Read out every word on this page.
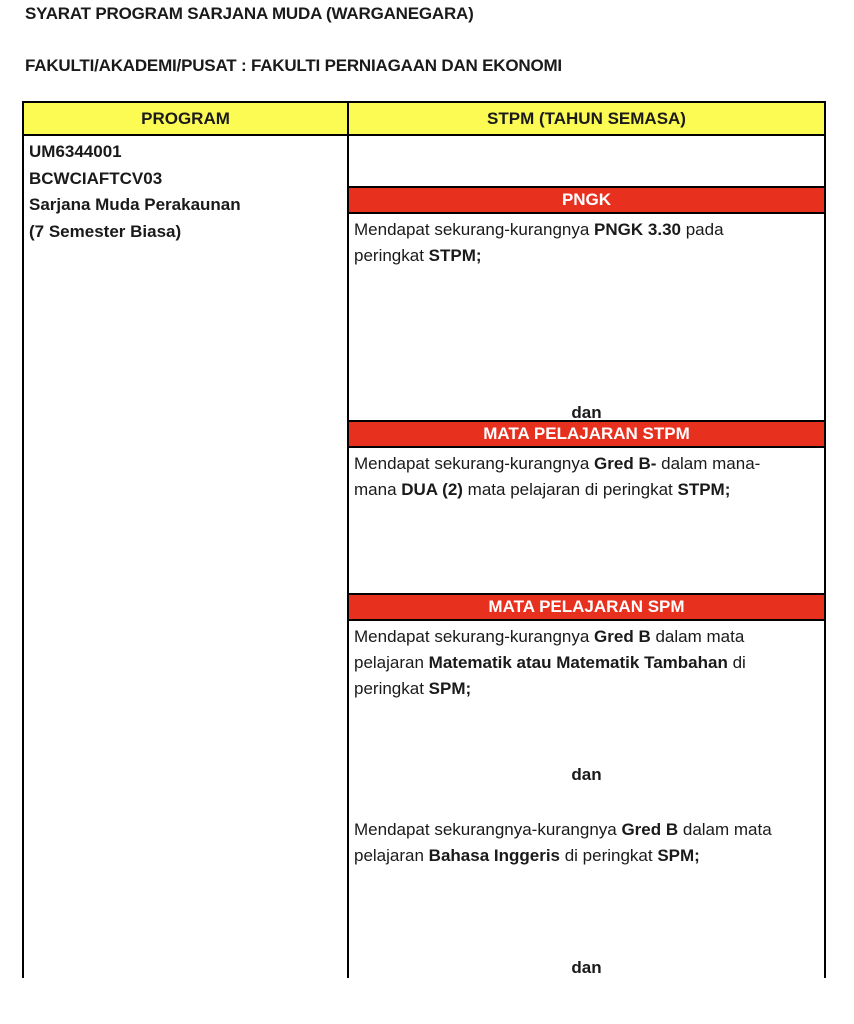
SYARAT PROGRAM SARJANA MUDA (WARGANEGARA)
FAKULTI/AKADEMI/PUSAT : FAKULTI PERNIAGAAN DAN EKONOMI
PROGRAM
UM6344001
BCWCIAFTCV03
Sarjana Muda Perakaunan
(7 Semester Biasa)
STPM (TAHUN SEMASA)
PNGK
Mendapat sekurang-kurangnya PNGK 3.30 pada
peringkat STPM;
dan
MATA PELAJARAN STPM
Mendapat sekurang-kurangnya Gred B- dalam mana-
mana DUA (2) mata pelajaran di peringkat STPM;
MATA PELAJARAN SPM
Mendapat sekurang-kurangnya Gred B dalam mata
pelajaran Matematik atau Matematik Tambahan di
peringkat SPM;
dan
Mendapat sekurangnya-kurangnya Gred B dalam mata
pelajaran Bahasa Inggeris di peringkat SPM;
dan
